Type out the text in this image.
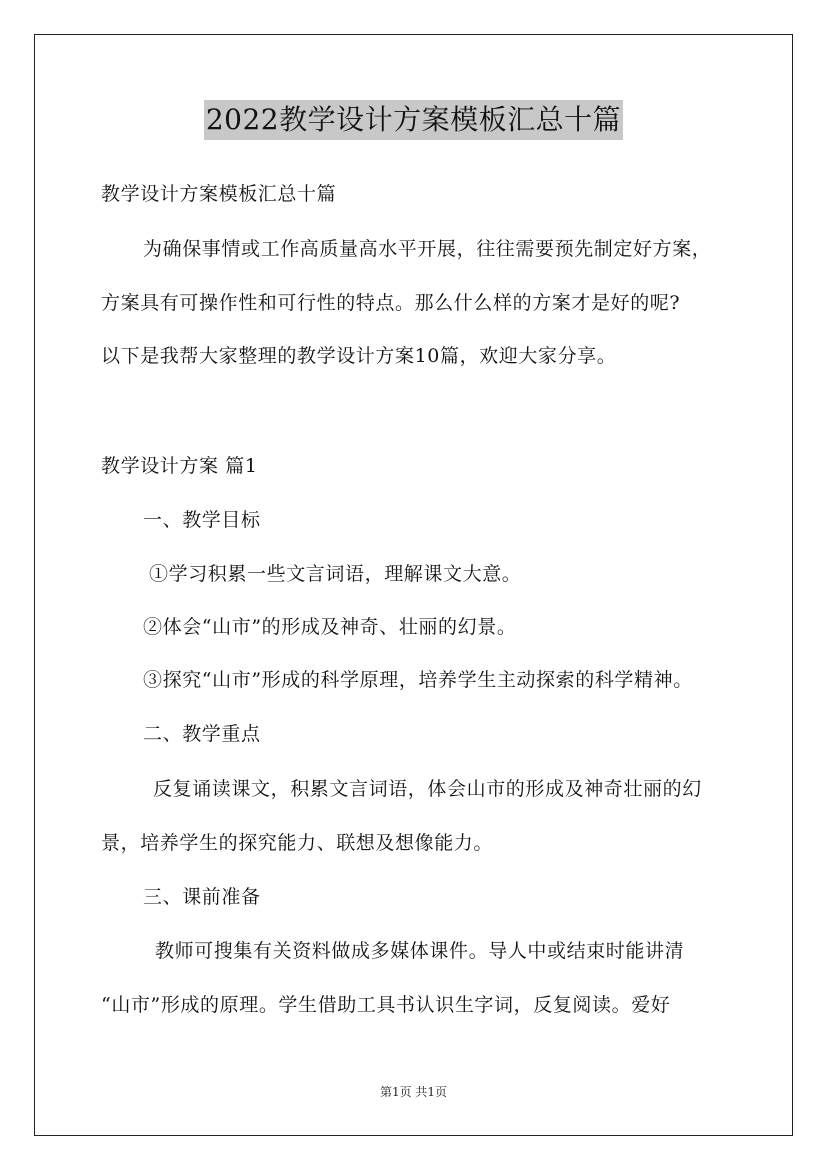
2022教学设计方案模板汇总十篇
教学设计方案模板汇总十篇
为确保事情或工作高质量高水平开展，往往需要预先制定好方案，
方案具有可操作性和可行性的特点。那么什么样的方案才是好的呢?
以下是我帮大家整理的教学设计方案10篇，欢迎大家分享。
教学设计方案 篇1
一、教学目标
①学习积累一些文言词语，理解课文大意。
②体会“山市”的形成及神奇、壮丽的幻景。
③探究“山市”形成的科学原理，培养学生主动探索的科学精神。
二、教学重点
反复诵读课文，积累文言词语，体会山市的形成及神奇壮丽的幻
景，培养学生的探究能力、联想及想像能力。
三、课前准备
教师可搜集有关资料做成多媒体课件。导人中或结束时能讲清
“山市”形成的原理。学生借助工具书认识生字词，反复阅读。爱好
第1页 共1页
